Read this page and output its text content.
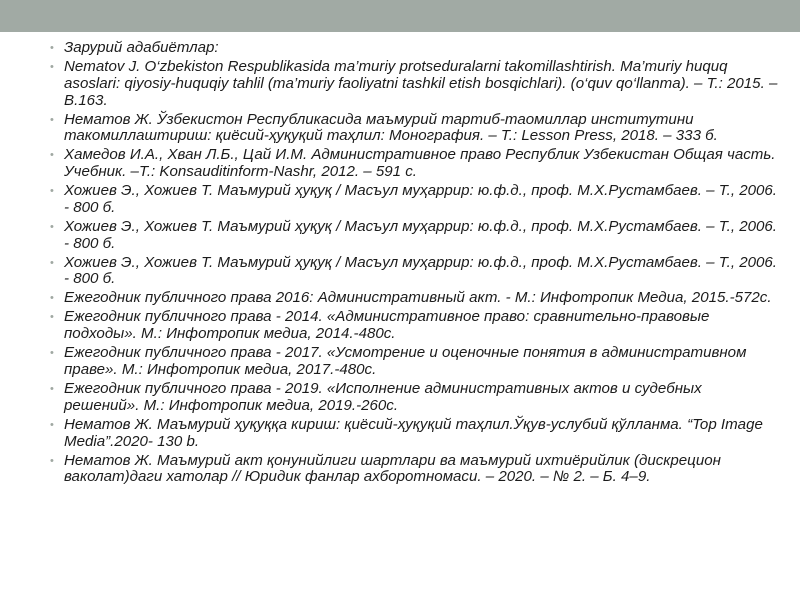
• Зарурий адабиётлар:
• Nematov J. O‘zbekiston Respublikasida ma’muriy protseduralarni takomillashtirish. Ma’muriy huquq asoslari: qiyosiy-huquqiy tahlil (ma’muriy faoliyatni tashkil etish bosqichlari). (o‘quv qo‘llanma). – T.: 2015. – B.163.
• Нематов Ж. Ўзбекистон Республикасида маъмурий тартиб-таомиллар институтини такомиллаштириш: қиёсий-ҳуқуқий таҳлил: Монография. – Т.: Lesson Press, 2018. – 333 б.
• Хамедов И.А., Хван Л.Б., Цай И.М. Административное право Республик Узбекистан Общая часть. Учебник. –Т.: Konsauditinform-Nashr, 2012. – 591 с.
• Хожиев Э., Хожиев Т. Маъмурий ҳуқуқ / Масъул муҳаррир: ю.ф.д., проф. М.Х.Рустамбаев. – Т., 2006. - 800 б.
• Хожиев Э., Хожиев Т. Маъмурий ҳуқуқ / Масъул муҳаррир: ю.ф.д., проф. М.Х.Рустамбаев. – Т., 2006. - 800 б.
• Хожиев Э., Хожиев Т. Маъмурий ҳуқуқ / Масъул муҳаррир: ю.ф.д., проф. М.Х.Рустамбаев. – Т., 2006. - 800 б.
• Ежегодник публичного права 2016: Административный акт. - М.: Инфотропик Медиа, 2015.-572с.
• Ежегодник публичного права - 2014. «Административное право: сравнительно-правовые подходы». М.: Инфотропик медиа, 2014.-480с.
• Ежегодник публичного права - 2017. «Усмотрение и оценочные понятия в административном праве». М.: Инфотропик медиа, 2017.-480с.
• Ежегодник публичного права - 2019. «Исполнение административных актов и судебных решений». М.: Инфотропик медиа, 2019.-260с.
• Нематов Ж. Маъмурий ҳуқуққа кириш: қиёсий-ҳуқуқий таҳлил.Ўқув-услубий қўлланма. “Top Image Media”.2020- 130 b.
• Нематов Ж. Маъмурий акт қонунийлиги шартлари ва маъмурий ихтиёрийлик (дискрецион ваколат)даги хатолар // Юридик фанлар ахборотномаси. – 2020. – № 2. – Б. 4–9.
